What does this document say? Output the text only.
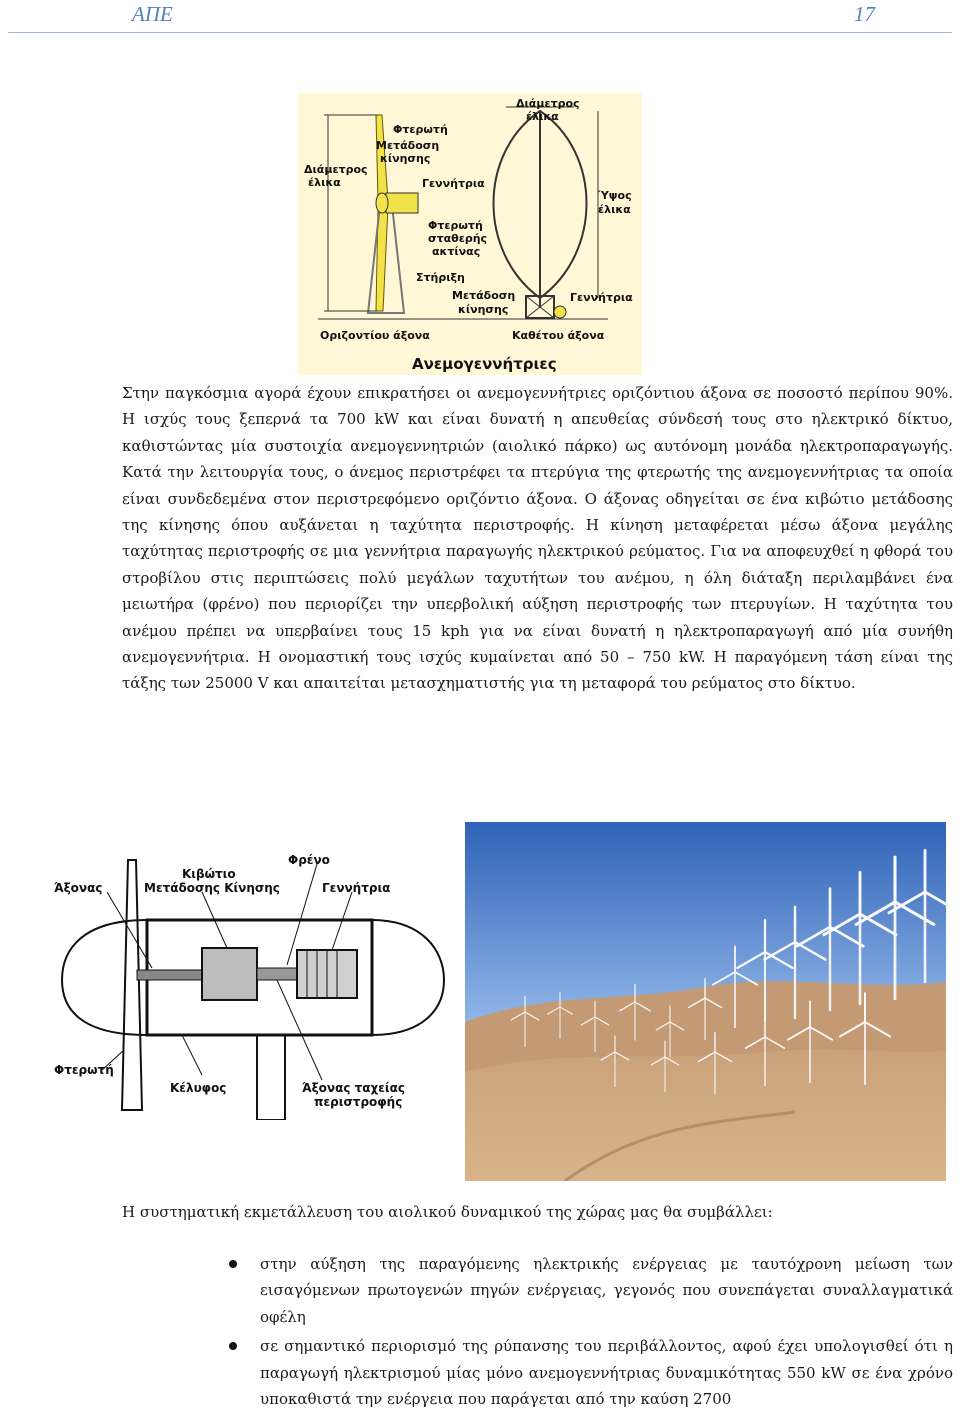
ΑΠΕ	17
Φτερωτή
Μετάδοση
κίνησης
Διάμετρος
έλικα	Γεννήτρια
Φτερωτή
σταθερής
ακτίνας
Στήριξη
Οριζοντίου άξονα
Διάμετρος
έλικα
Ύψος
έλικα
Μετάδοση
κίνησης
Γεννήτρια
Καθέτου άξονα
Ανεμογεννήτριες

Στην παγκόσμια αγορά έχουν επικρατήσει οι ανεμογεννήτριες οριζόντιου άξονα σε ποσοστό περίπου 90%. Η ισχύς τους ξεπερνά τα 700 kW και είναι δυνατή η απευθείας σύνδεσή τους στο ηλεκτρικό δίκτυο, καθιστώντας μία συστοιχία ανεμογεννητριών (αιολικό πάρκο) ως αυτόνομη μονάδα ηλεκτροπαραγωγής. Κατά την λειτουργία τους, ο άνεμος περιστρέφει τα πτερύγια της φτερωτής της ανεμογεννήτριας τα οποία είναι συνδεδεμένα στον περιστρεφόμενο οριζόντιο άξονα. Ο άξονας οδηγείται σε ένα κιβώτιο μετάδοσης της κίνησης όπου αυξάνεται η ταχύτητα περιστροφής. Η κίνηση μεταφέρεται μέσω άξονα μεγάλης ταχύτητας περιστροφής σε μια γεννήτρια παραγωγής ηλεκτρικού ρεύματος. Για να αποφευχθεί η φθορά του στροβίλου στις περιπτώσεις πολύ μεγάλων ταχυτήτων του ανέμου, η όλη διάταξη περιλαμβάνει ένα μειωτήρα (φρένο) που περιορίζει την υπερβολική αύξηση περιστροφής των πτερυγίων. Η ταχύτητα του ανέμου πρέπει να υπερβαίνει τους 15 kph για να είναι δυνατή η ηλεκτροπαραγωγή από μία συνήθη ανεμογεννήτρια. Η ονομαστική τους ισχύς κυμαίνεται από 50 – 750 kW. Η παραγόμενη τάση είναι της τάξης των 25000 V και απαιτείται μετασχηματιστής για τη μεταφορά του ρεύματος στο δίκτυο.

Φρένο
Κιβώτιο
Μετάδοσης Κίνησης	Γεννήτρια
Άξονας
Φτερωτή
Κέλυφος	Άξονας ταχείας
περιστροφής

Η συστηματική εκμετάλλευση του αιολικού δυναμικού της χώρας μας θα συμβάλλει:

στην αύξηση της παραγόμενης ηλεκτρικής ενέργειας με ταυτόχρονη μείωση των εισαγόμενων πρωτογενών πηγών ενέργειας, γεγονός που συνεπάγεται συναλλαγματικά οφέλη
σε σημαντικό περιορισμό της ρύπανσης του περιβάλλοντος, αφού έχει υπολογισθεί ότι η παραγωγή ηλεκτρισμού μίας μόνο ανεμογεννήτριας δυναμικότητας 550 kW σε ένα χρόνο υποκαθιστά την ενέργεια που παράγεται από την καύση 2700
